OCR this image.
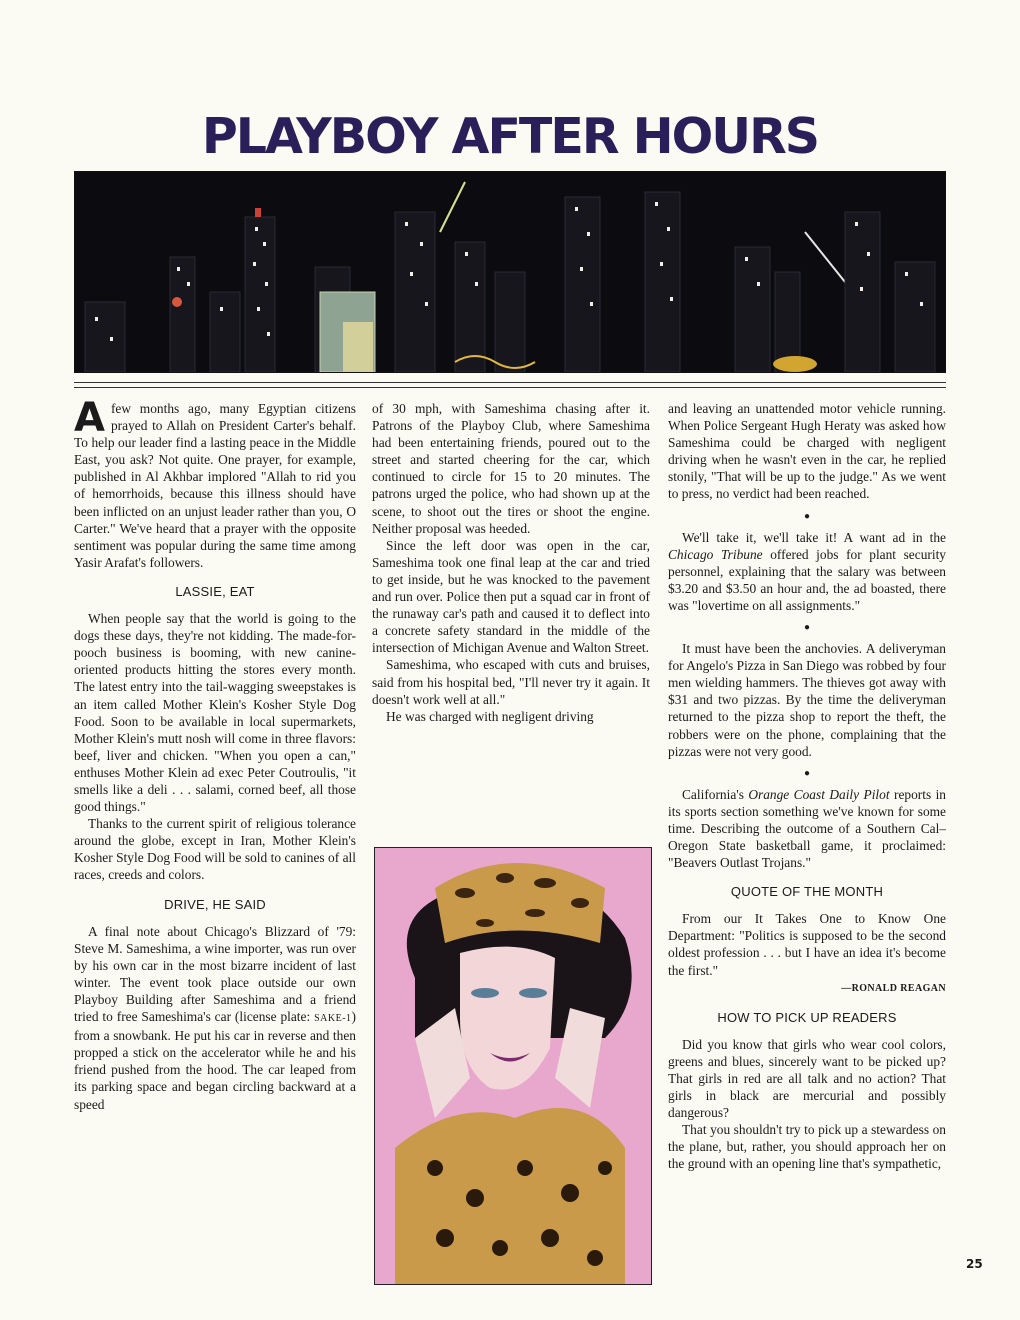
PLAYBOY AFTER HOURS

Afew months ago, many Egyptian citizens prayed to Allah on President Carter's behalf. To help our leader find a lasting peace in the Middle East, you ask? Not quite. One prayer, for example, published in Al Akhbar implored "Allah to rid you of hemorrhoids, because this illness should have been inflicted on an unjust leader rather than you, O Carter." We've heard that a prayer with the opposite sentiment was popular during the same time among Yasir Arafat's followers.

LASSIE, EAT

When people say that the world is going to the dogs these days, they're not kidding. The made-for-pooch business is booming, with new canine-oriented products hitting the stores every month. The latest entry into the tail-wagging sweepstakes is an item called Mother Klein's Kosher Style Dog Food. Soon to be available in local supermarkets, Mother Klein's mutt nosh will come in three flavors: beef, liver and chicken. "When you open a can," enthuses Mother Klein ad exec Peter Coutroulis, "it smells like a deli . . . salami, corned beef, all those good things."

Thanks to the current spirit of religious tolerance around the globe, except in Iran, Mother Klein's Kosher Style Dog Food will be sold to canines of all races, creeds and colors.

DRIVE, HE SAID

A final note about Chicago's Blizzard of '79: Steve M. Sameshima, a wine importer, was run over by his own car in the most bizarre incident of last winter. The event took place outside our own Playboy Building after Sameshima and a friend tried to free Sameshima's car (license plate: SAKE-1) from a snowbank. He put his car in reverse and then propped a stick on the accelerator while he and his friend pushed from the hood. The car leaped from its parking space and began circling backward at a speed

of 30 mph, with Sameshima chasing after it. Patrons of the Playboy Club, where Sameshima had been entertaining friends, poured out to the street and started cheering for the car, which continued to circle for 15 to 20 minutes. The patrons urged the police, who had shown up at the scene, to shoot out the tires or shoot the engine. Neither proposal was heeded.

Since the left door was open in the car, Sameshima took one final leap at the car and tried to get inside, but he was knocked to the pavement and run over. Police then put a squad car in front of the runaway car's path and caused it to deflect into a concrete safety standard in the middle of the intersection of Michigan Avenue and Walton Street.

Sameshima, who escaped with cuts and bruises, said from his hospital bed, "I'll never try it again. It doesn't work well at all."

He was charged with negligent driving

and leaving an unattended motor vehicle running. When Police Sergeant Hugh Heraty was asked how Sameshima could be charged with negligent driving when he wasn't even in the car, he replied stonily, "That will be up to the judge." As we went to press, no verdict had been reached.

●

We'll take it, we'll take it! A want ad in the Chicago Tribune offered jobs for plant security personnel, explaining that the salary was between $3.20 and $3.50 an hour and, the ad boasted, there was "lovertime on all assignments."

●

It must have been the anchovies. A deliveryman for Angelo's Pizza in San Diego was robbed by four men wielding hammers. The thieves got away with $31 and two pizzas. By the time the deliveryman returned to the pizza shop to report the theft, the robbers were on the phone, complaining that the pizzas were not very good.

●

California's Orange Coast Daily Pilot reports in its sports section something we've known for some time. Describing the outcome of a Southern Cal–Oregon State basketball game, it proclaimed: "Beavers Outlast Trojans."

QUOTE OF THE MONTH

From our It Takes One to Know One Department: "Politics is supposed to be the second oldest profession . . . but I have an idea it's become the first."

—RONALD REAGAN
HOW TO PICK UP READERS

Did you know that girls who wear cool colors, greens and blues, sincerely want to be picked up? That girls in red are all talk and no action? That girls in black are mercurial and possibly dangerous?

That you shouldn't try to pick up a stewardess on the plane, but, rather, you should approach her on the ground with an opening line that's sympathetic,

25
